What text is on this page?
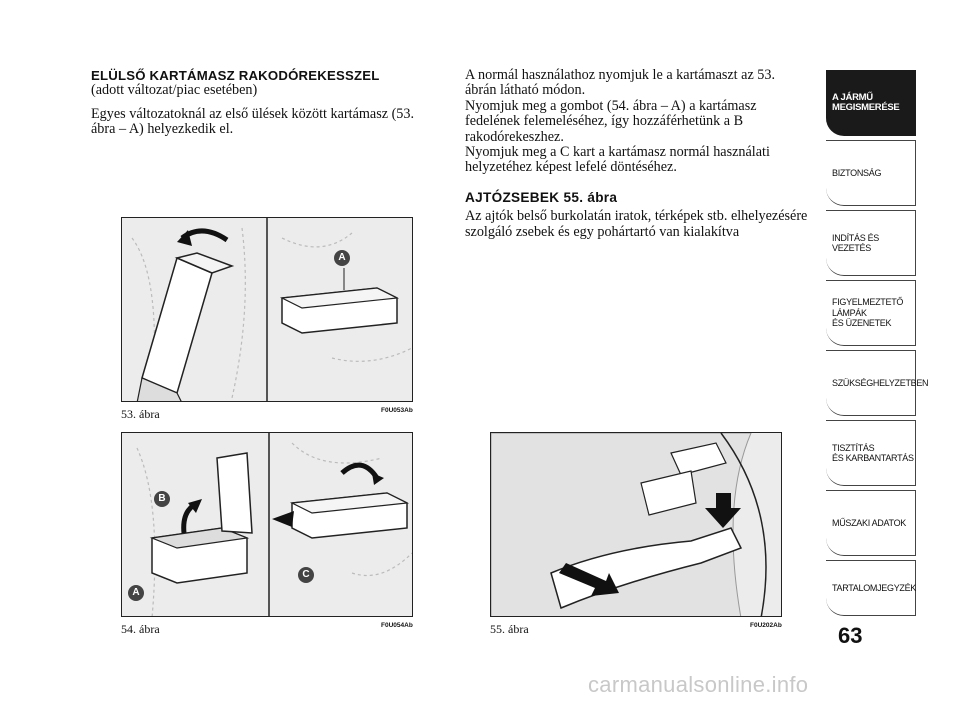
ELÜLSŐ KARTÁMASZ RAKODÓREKESSZEL
(adott változat/piac esetében)
Egyes változatoknál az első ülések között kartámasz (53. ábra – A) helyezkedik el.
A normál használathoz nyomjuk le a kartámaszt az 53. ábrán látható módon.
Nyomjuk meg a gombot (54. ábra – A) a kartámasz fedelének felemeléséhez, így hozzáférhetünk a B rakodórekeszhez.
Nyomjuk meg a C kart a kartámasz normál használati helyzetéhez képest lefelé döntéséhez.
AJTÓZSEBEK 55. ábra
Az ajtók belső burkolatán iratok, térképek stb. elhelyezésére szolgáló zsebek és egy pohártartó van kialakítva
A
53. ábra	F0U053Ab
B
A
C
54. ábra	F0U054Ab	55. ábra	F0U202Ab
A JÁRMŰ
MEGISMERÉSE
BIZTONSÁG
INDÍTÁS ÉS VEZETÉS
FIGYELMEZTETŐ
LÁMPÁK
ÉS ÜZENETEK
SZÜKSÉGHELYZETBEN
TISZTÍTÁS
ÉS KARBANTARTÁS
MŰSZAKI ADATOK
TARTALOMJEGYZÉK
63
carmanualsonline.info
